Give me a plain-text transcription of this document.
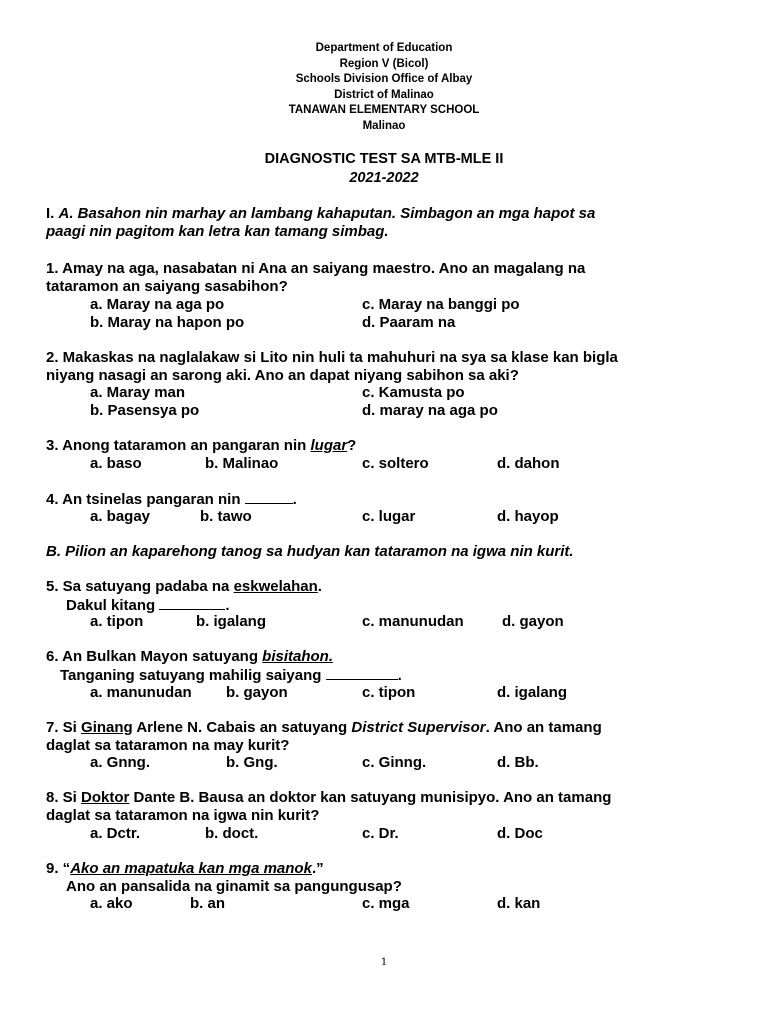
Department of Education
Region V (Bicol)
Schools Division Office of Albay
District of Malinao
TANAWAN ELEMENTARY SCHOOL
Malinao
DIAGNOSTIC TEST SA MTB-MLE II
2021-2022
I. A. Basahon nin marhay an lambang kahaputan. Simbagon an mga hapot sa
paagi nin pagitom kan letra kan tamang simbag.
1. Amay na aga, nasabatan ni Ana an saiyang maestro. Ano an magalang na
tataramon an saiyang sasabihon?
a. Maray na aga po	c. Maray na banggi po
b. Maray na hapon po	d. Paaram na
2. Makaskas na naglalakaw si Lito nin huli ta mahuhuri na sya sa klase kan bigla
niyang nasagi an sarong aki. Ano an dapat niyang sabihon sa aki?
a. Maray man	c. Kamusta po
b. Pasensya po	d. maray na aga po
3. Anong tataramon an pangaran nin lugar?
a. baso	b. Malinao	c. soltero	d. dahon
4. An tsinelas pangaran nin	.
a. bagay	b. tawo	c. lugar	d. hayop
B. Pilion an kaparehong tanog sa hudyan kan tataramon na igwa nin kurit.
5. Sa satuyang padaba na eskwelahan.
Dakul kitang	.
a. tipon	b. igalang	c. manunudan	d. gayon
6. An Bulkan Mayon satuyang bisitahon.
Tanganing satuyang mahilig saiyang	.
a. manunudan b. gayon	c. tipon	d. igalang
7. Si Ginang Arlene N. Cabais an satuyang District Supervisor. Ano an tamang
daglat sa tataramon na may kurit?
a. Gnng.	b. Gng.	c. Ginng.	d. Bb.
8. Si Doktor Dante B. Bausa an doktor kan satuyang munisipyo. Ano an tamang
daglat sa tataramon na igwa nin kurit?
a. Dctr.	b. doct.	c. Dr.	d. Doc
9. “Ako an mapatuka kan mga manok.”
Ano an pansalida na ginamit sa pangungusap?
a. ako	b. an	c. mga	d. kan
1
